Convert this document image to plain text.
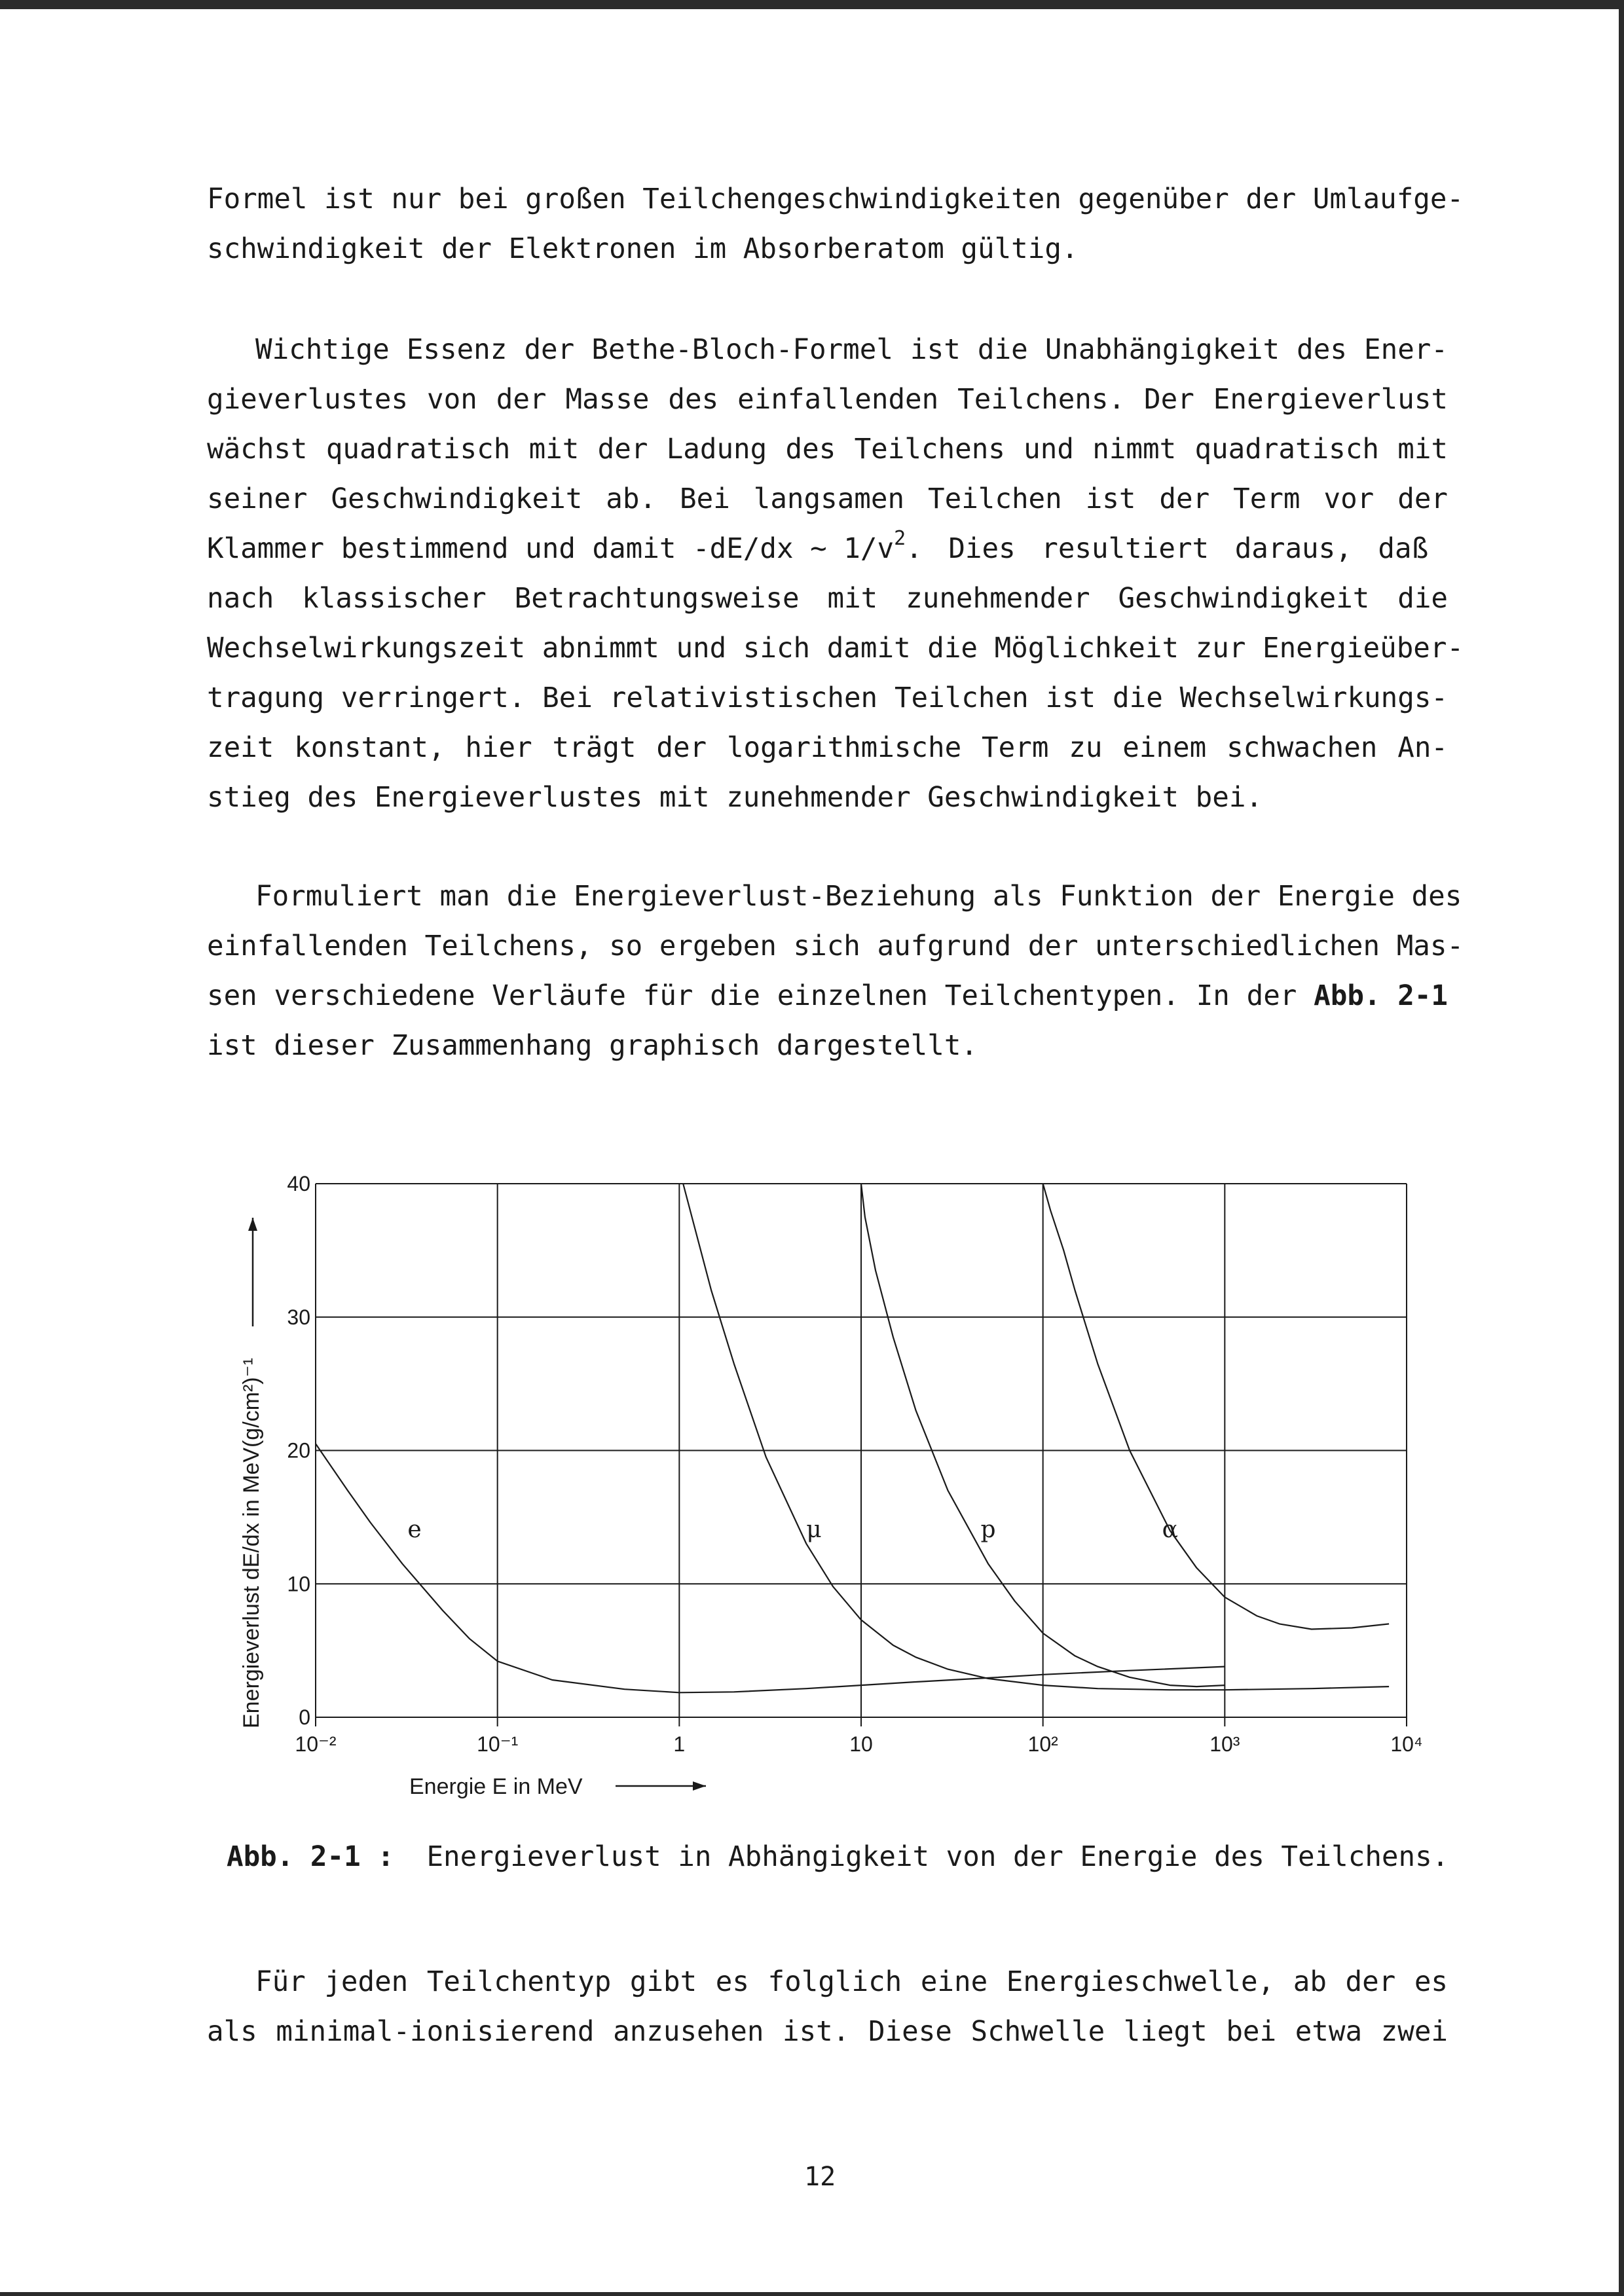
Formel ist nur bei großen Teilchengeschwindigkeiten gegenüber der Umlaufge-

schwindigkeit der Elektronen im Absorberatom gültig.

Wichtige Essenz der Bethe-Bloch-Formel ist die Unabhängigkeit des Ener-

gieverlustes von der Masse des einfallenden Teilchens. Der Energieverlust

wächst quadratisch mit der Ladung des Teilchens und nimmt quadratisch mit

seiner Geschwindigkeit ab. Bei langsamen Teilchen ist der Term vor der

Klammer bestimmend und damit -dE/dx ~ $1/v^2$. Dies resultiert daraus, daß

nach klassischer Betrachtungsweise mit zunehmender Geschwindigkeit die

Wechselwirkungszeit abnimmt und sich damit die Möglichkeit zur Energieüber-

tragung verringert. Bei relativistischen Teilchen ist die Wechselwirkungs-

zeit konstant, hier trägt der logarithmische Term zu einem schwachen An-

stieg des Energieverlustes mit zunehmender Geschwindigkeit bei.

Formuliert man die Energieverlust-Beziehung als Funktion der Energie des

einfallenden Teilchens, so ergeben sich aufgrund der unterschiedlichen Mas-

sen verschiedene Verläufe für die einzelnen Teilchentypen. In der Abb. 2-1

ist dieser Zusammenhang graphisch dargestellt.

0
10
20
30
40
10⁻²	10⁻¹	1	10	10²	10³	10⁴
e	μ	p	α
Energie E in MeV
Energieverlust dE/dx in MeV(g/cm²)⁻¹
Abb. 2-1 : Energieverlust in Abhängigkeit von der Energie des Teilchens.

Für jeden Teilchentyp gibt es folglich eine Energieschwelle, ab der es

als minimal-ionisierend anzusehen ist. Diese Schwelle liegt bei etwa zwei

12
